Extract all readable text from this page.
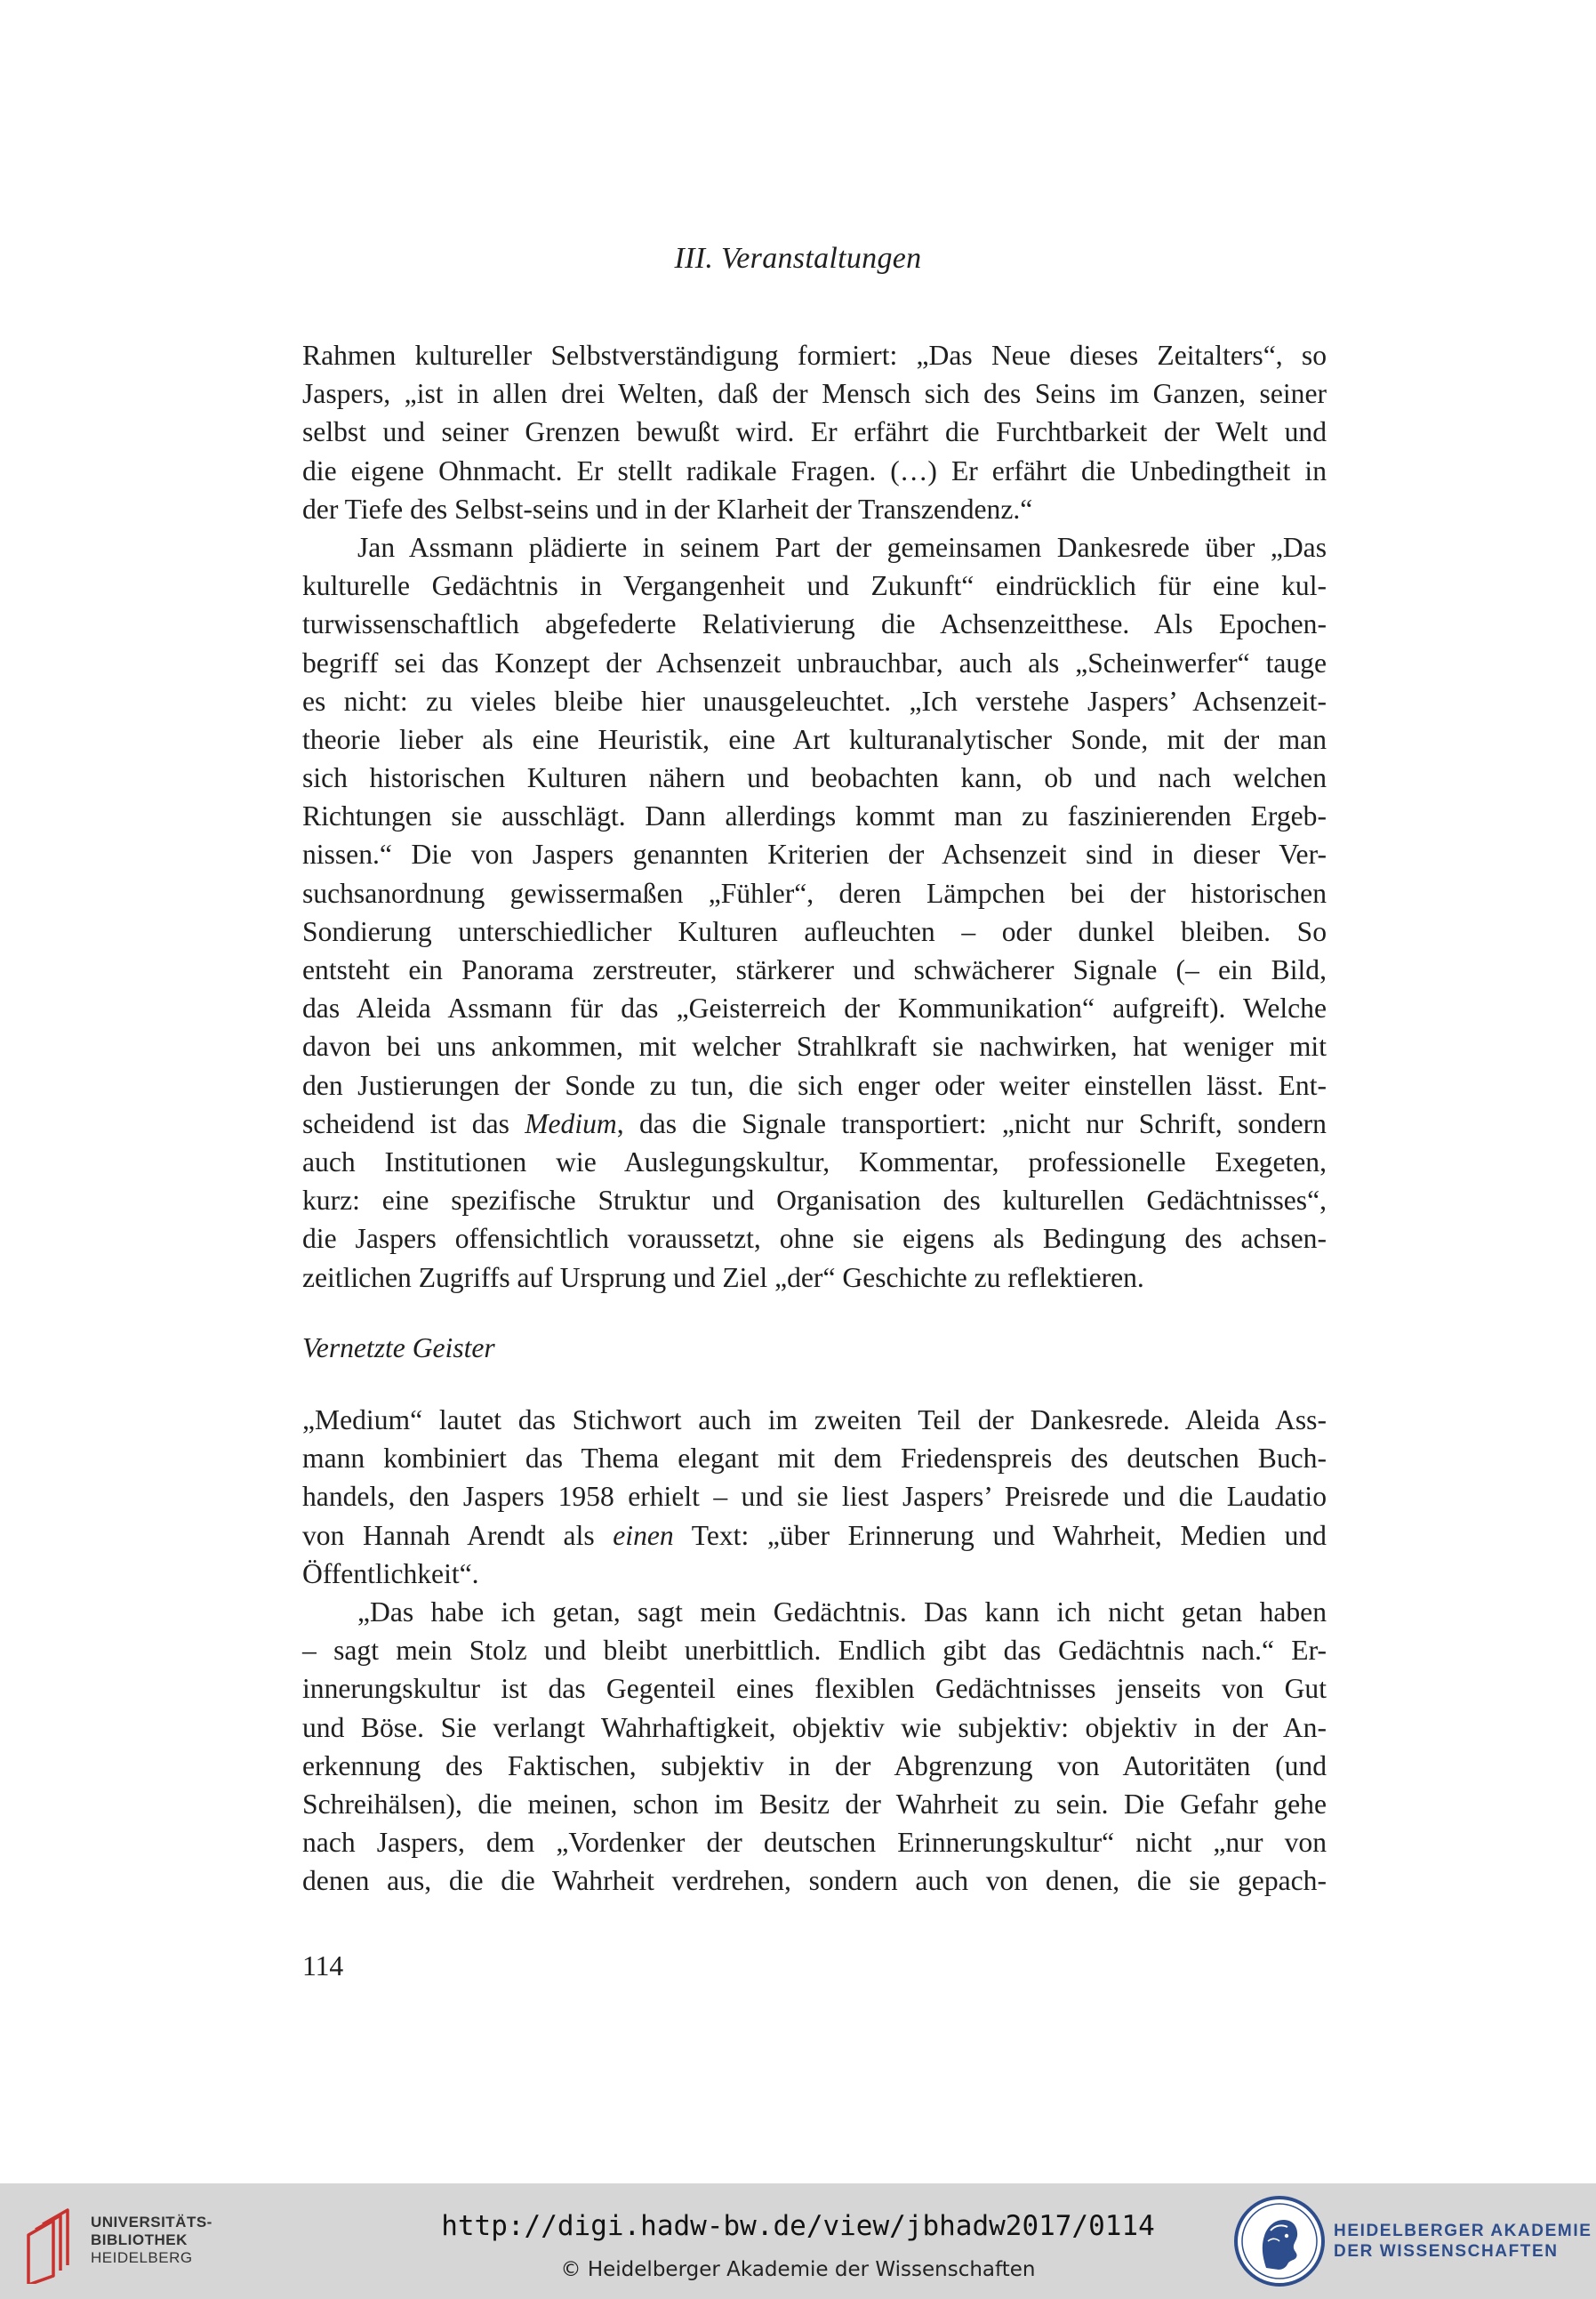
III. Veranstaltungen
Rahmen kultureller Selbstverständigung formiert: „Das Neue dieses Zeitalters“, so
Jaspers, „ist in allen drei Welten, daß der Mensch sich des Seins im Ganzen, seiner
selbst und seiner Grenzen bewußt wird. Er erfährt die Furchtbarkeit der Welt und
die eigene Ohnmacht. Er stellt radikale Fragen. (…) Er erfährt die Unbedingtheit in
der Tiefe des Selbst-seins und in der Klarheit der Transzendenz.“
Jan Assmann plädierte in seinem Part der gemeinsamen Dankesrede über „Das
kulturelle Gedächtnis in Vergangenheit und Zukunft“ eindrücklich für eine kul-
turwissenschaftlich abgefederte Relativierung die Achsenzeitthese. Als Epochen-
begriff sei das Konzept der Achsenzeit unbrauchbar, auch als „Scheinwerfer“ tauge
es nicht: zu vieles bleibe hier unausgeleuchtet. „Ich verstehe Jaspers’ Achsenzeit-
theorie lieber als eine Heuristik, eine Art kulturanalytischer Sonde, mit der man
sich historischen Kulturen nähern und beobachten kann, ob und nach welchen
Richtungen sie ausschlägt. Dann allerdings kommt man zu faszinierenden Ergeb-
nissen.“ Die von Jaspers genannten Kriterien der Achsenzeit sind in dieser Ver-
suchsanordnung gewissermaßen „Fühler“, deren Lämpchen bei der historischen
Sondierung unterschiedlicher Kulturen aufleuchten – oder dunkel bleiben. So
entsteht ein Panorama zerstreuter, stärkerer und schwächerer Signale (– ein Bild,
das Aleida Assmann für das „Geisterreich der Kommunikation“ aufgreift). Welche
davon bei uns ankommen, mit welcher Strahlkraft sie nachwirken, hat weniger mit
den Justierungen der Sonde zu tun, die sich enger oder weiter einstellen lässt. Ent-
scheidend ist das Medium, das die Signale transportiert: „nicht nur Schrift, sondern
auch Institutionen wie Auslegungskultur, Kommentar, professionelle Exegeten,
kurz: eine spezifische Struktur und Organisation des kulturellen Gedächtnisses“,
die Jaspers offensichtlich voraussetzt, ohne sie eigens als Bedingung des achsen-
zeitlichen Zugriffs auf Ursprung und Ziel „der“ Geschichte zu reflektieren.
Vernetzte Geister
„Medium“ lautet das Stichwort auch im zweiten Teil der Dankesrede. Aleida Ass-
mann kombiniert das Thema elegant mit dem Friedenspreis des deutschen Buch-
handels, den Jaspers 1958 erhielt – und sie liest Jaspers’ Preisrede und die Laudatio
von Hannah Arendt als einen Text: „über Erinnerung und Wahrheit, Medien und
Öffentlichkeit“.
„Das habe ich getan, sagt mein Gedächtnis. Das kann ich nicht getan haben
– sagt mein Stolz und bleibt unerbittlich. Endlich gibt das Gedächtnis nach.“ Er-
innerungskultur ist das Gegenteil eines flexiblen Gedächtnisses jenseits von Gut
und Böse. Sie verlangt Wahrhaftigkeit, objektiv wie subjektiv: objektiv in der An-
erkennung des Faktischen, subjektiv in der Abgrenzung von Autoritäten (und
Schreihälsen), die meinen, schon im Besitz der Wahrheit zu sein. Die Gefahr gehe
nach Jaspers, dem „Vordenker der deutschen Erinnerungskultur“ nicht „nur von
denen aus, die die Wahrheit verdrehen, sondern auch von denen, die sie gepach-
114
UNIVERSITÄTS-
BIBLIOTHEK
HEIDELBERG
http://digi.hadw-bw.de/view/jbhadw2017/0114
© Heidelberger Akademie der Wissenschaften
HEIDELBERGER AKADEMIE
DER WISSENSCHAFTEN
